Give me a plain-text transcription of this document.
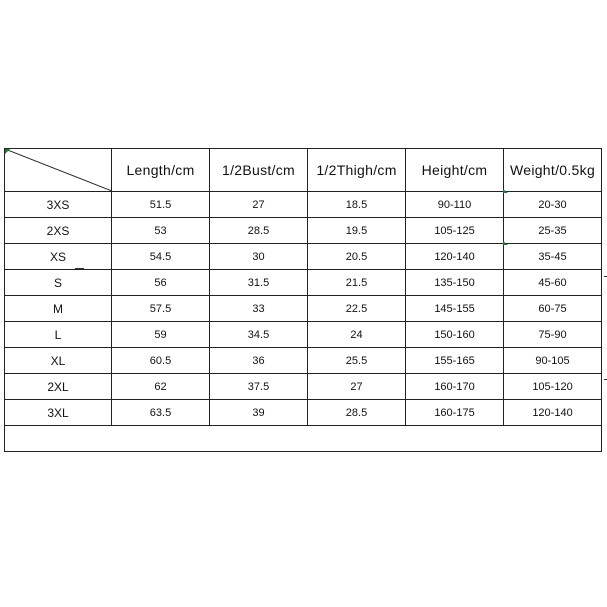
	Length/cm	1/2Bust/cm	1/2Thigh/cm	Height/cm	Weight/0.5kg
3XS	51.5	27	18.5	90-110	20-30
2XS	53	28.5	19.5	105-125	25-35
XS	54.5	30	20.5	120-140	35-45
S	56	31.5	21.5	135-150	45-60
M	57.5	33	22.5	145-155	60-75
L	59	34.5	24	150-160	75-90
XL	60.5	36	25.5	155-165	90-105
2XL	62	37.5	27	160-170	105-120
3XL	63.5	39	28.5	160-175	120-140
